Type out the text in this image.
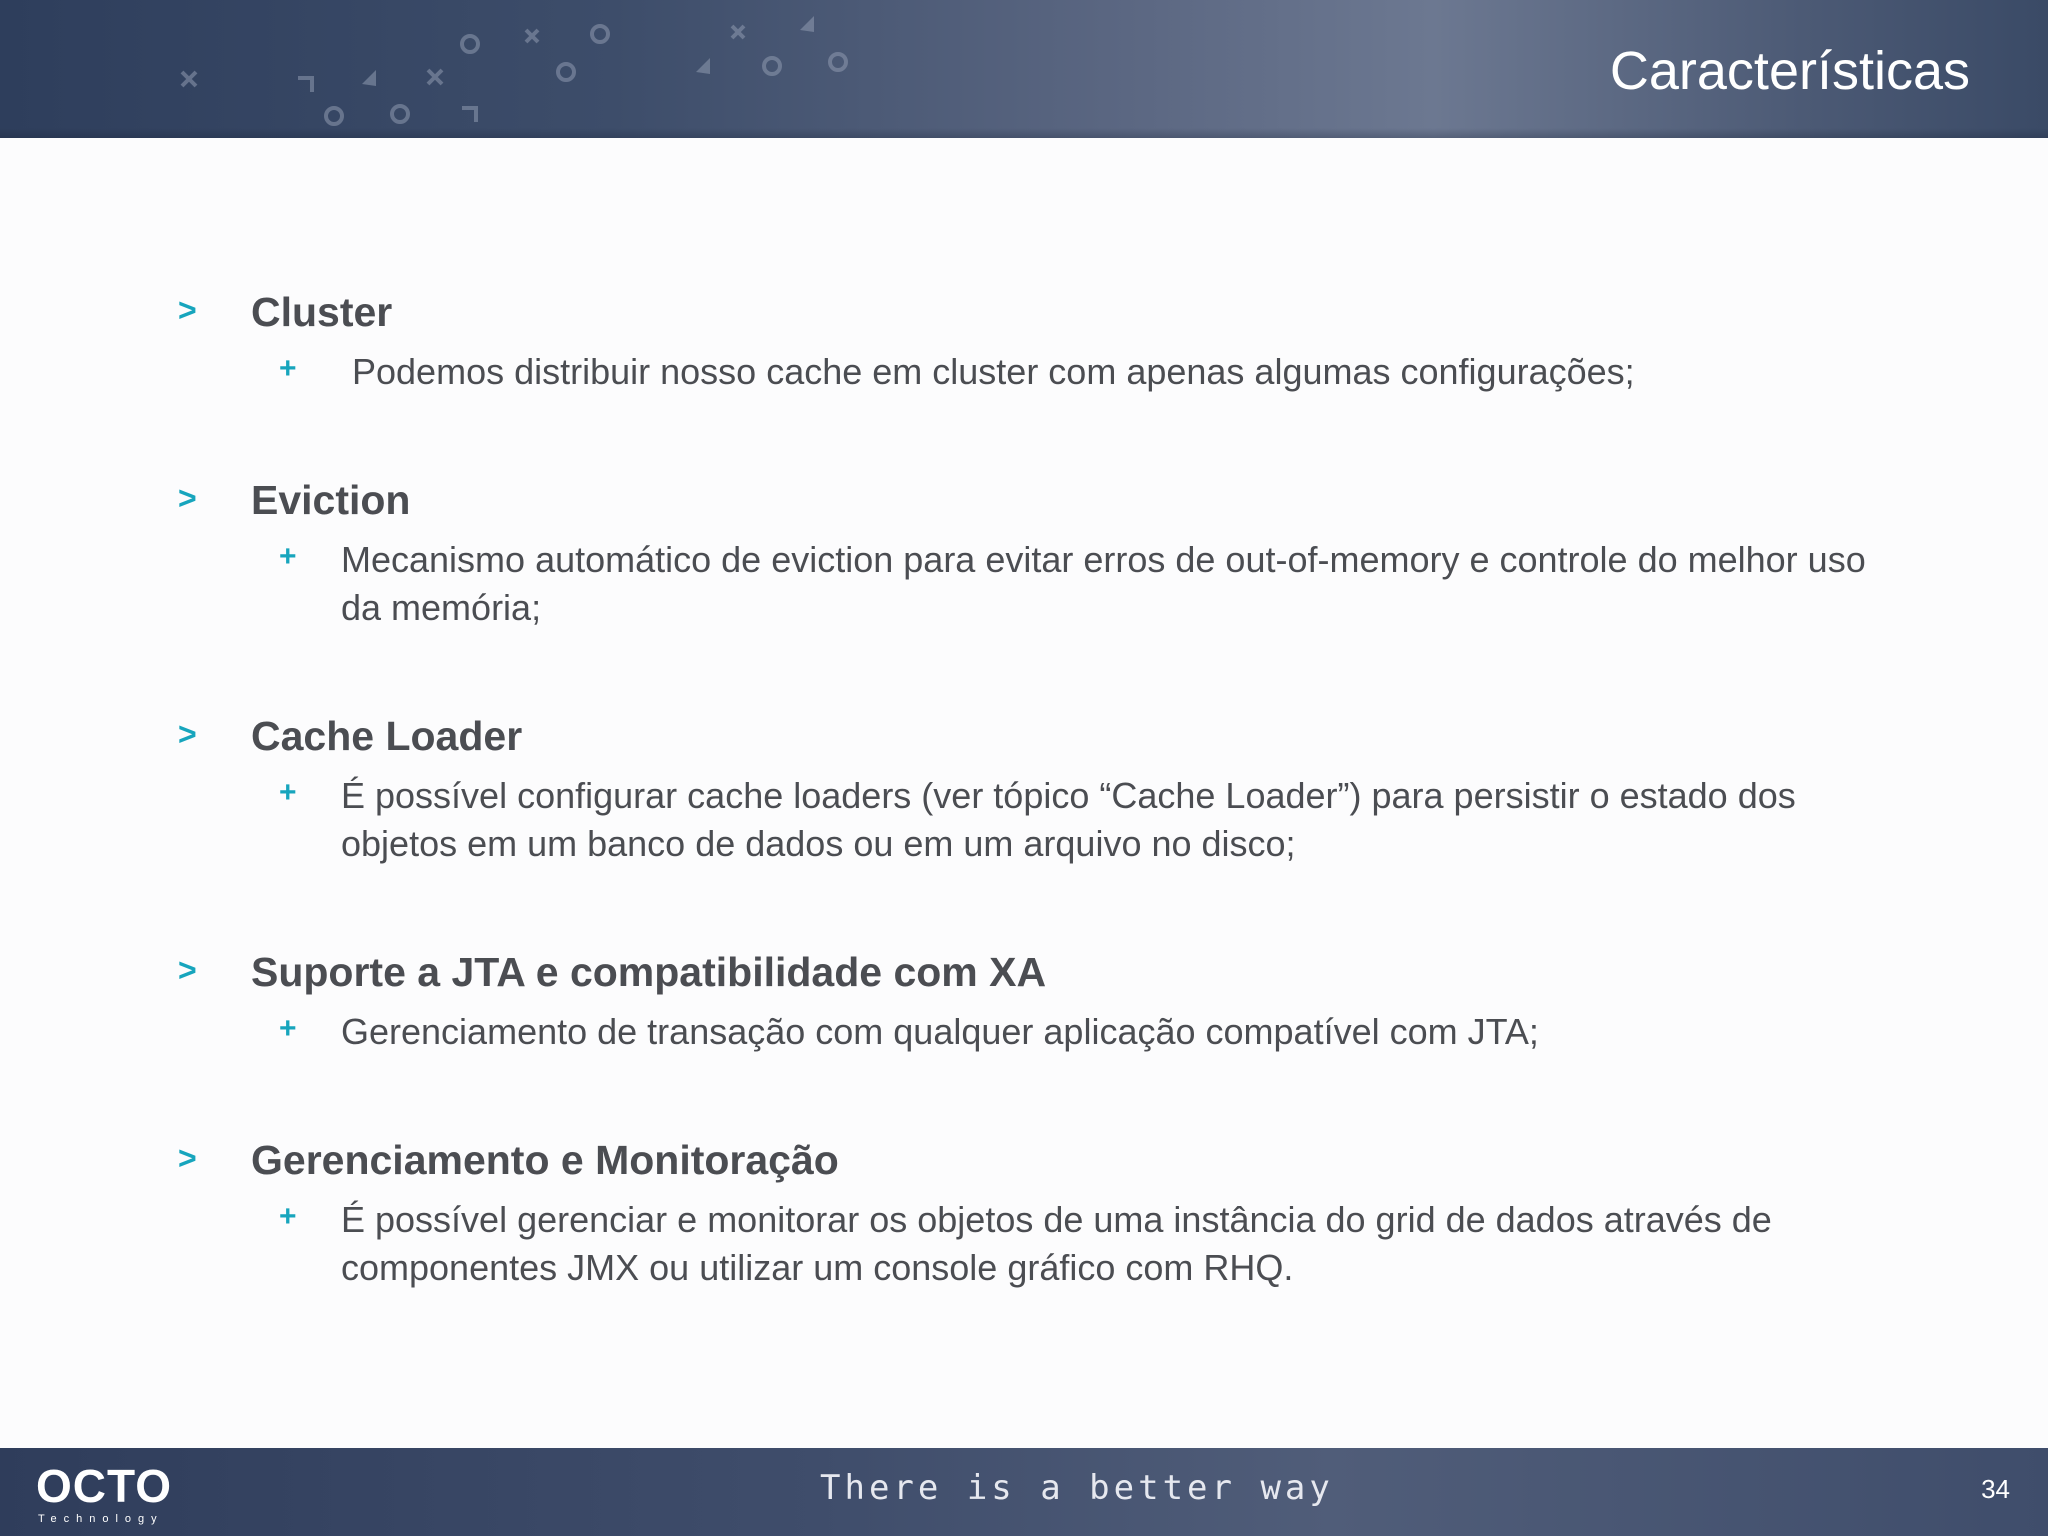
Características
> Cluster
+ Podemos distribuir nosso cache em cluster com apenas algumas configurações;
> Eviction
+ Mecanismo automático de eviction para evitar erros de out-of-memory e controle do melhor uso da memória;
> Cache Loader
+ É possível configurar cache loaders (ver tópico “Cache Loader”) para persistir o estado dos objetos em um banco de dados ou em um arquivo no disco;
> Suporte a JTA e compatibilidade com XA
+ Gerenciamento de transação com qualquer aplicação compatível com JTA;
> Gerenciamento e Monitoração
+ É possível gerenciar e monitorar os objetos de uma instância do grid de dados através de componentes JMX ou utilizar um console gráfico com RHQ.
OCTO
Technology
There is a better way	34
